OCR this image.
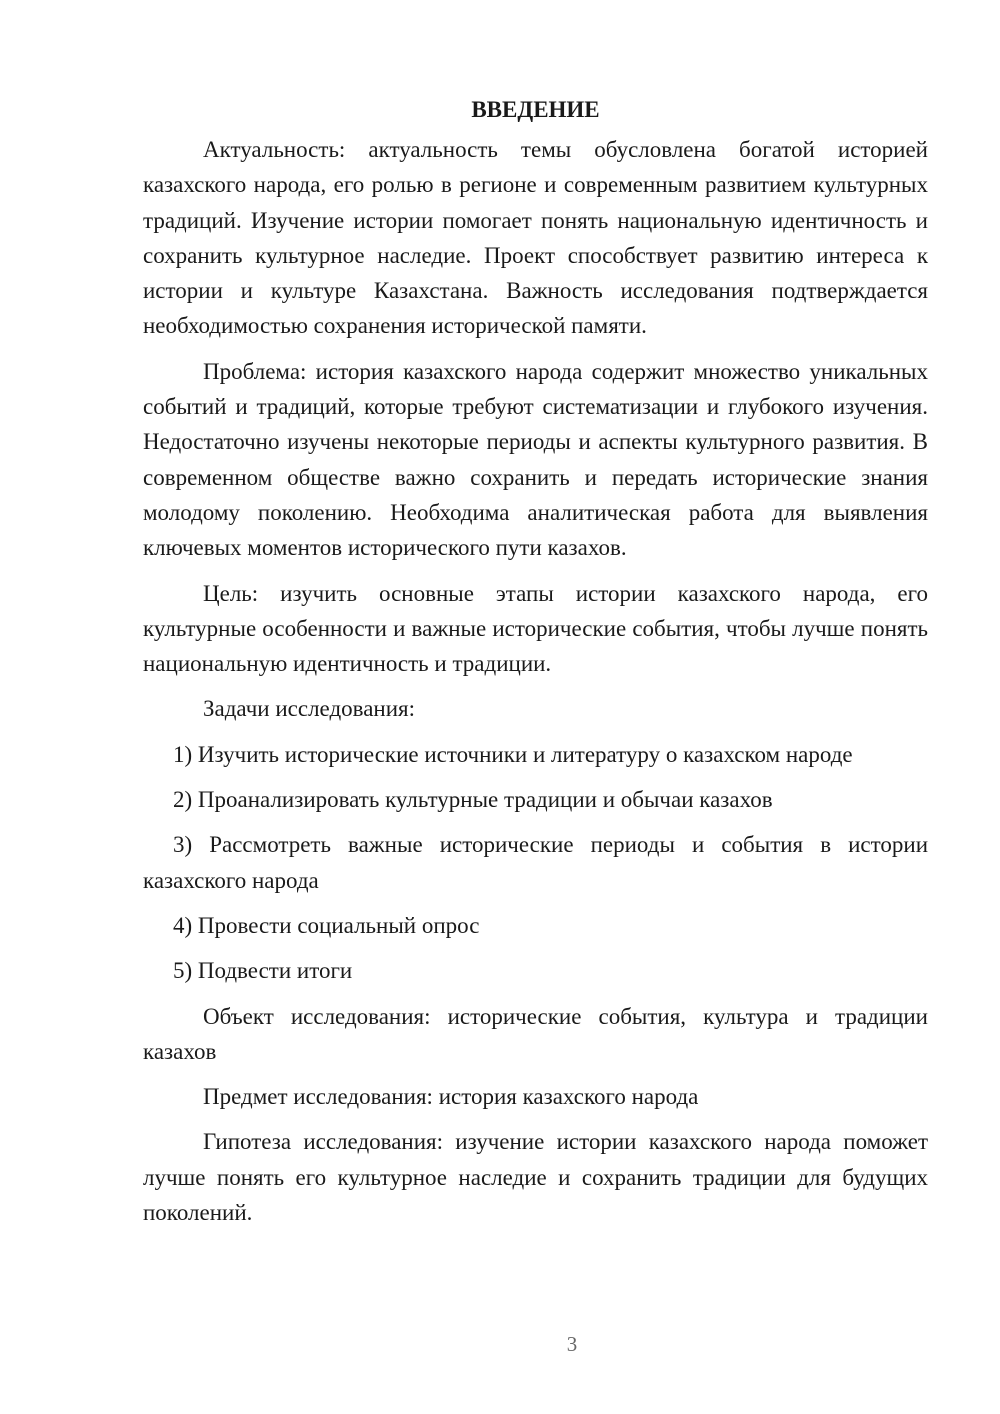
ВВЕДЕНИЕ

Актуальность: актуальность темы обусловлена богатой историей казахского народа, его ролью в регионе и современным развитием культурных традиций. Изучение истории помогает понять национальную идентичность и сохранить культурное наследие. Проект способствует развитию интереса к истории и культуре Казахстана. Важность исследования подтверждается необходимостью сохранения исторической памяти.

Проблема: история казахского народа содержит множество уникальных событий и традиций, которые требуют систематизации и глубокого изучения. Недостаточно изучены некоторые периоды и аспекты культурного развития. В современном обществе важно сохранить и передать исторические знания молодому поколению. Необходима аналитическая работа для выявления ключевых моментов исторического пути казахов.

Цель: изучить основные этапы истории казахского народа, его культурные особенности и важные исторические события, чтобы лучше понять национальную идентичность и традиции.

Задачи исследования:

1) Изучить исторические источники и литературу о казахском народе

2) Проанализировать культурные традиции и обычаи казахов

3) Рассмотреть важные исторические периоды и события в истории казахского народа

4) Провести социальный опрос

5) Подвести итоги

Объект исследования: исторические события, культура и традиции казахов

Предмет исследования: история казахского народа

Гипотеза исследования: изучение истории казахского народа поможет лучше понять его культурное наследие и сохранить традиции для будущих поколений.

3
